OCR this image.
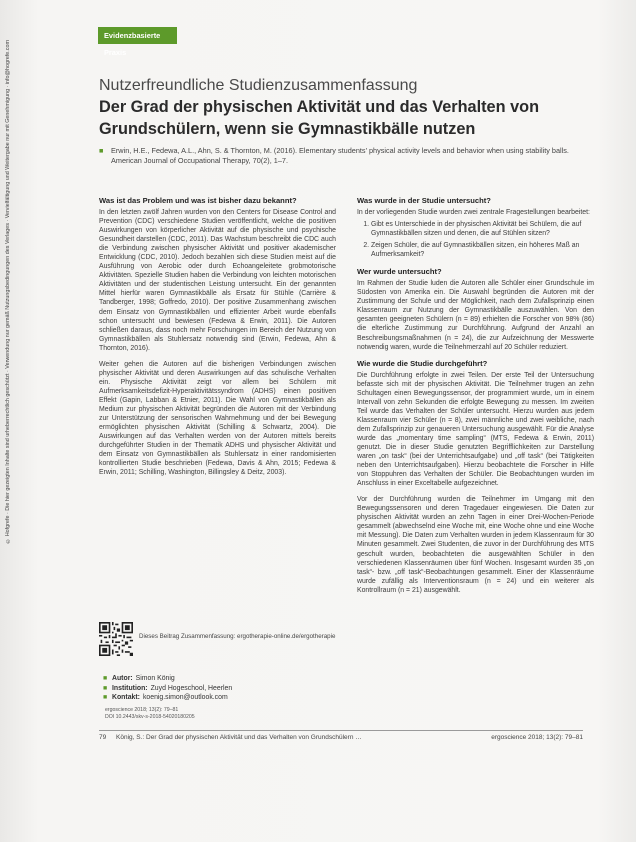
© Hofgrefe · Die hier gezeigten Inhalte sind urheberrechtlich geschützt · Verwendung nur gemäß Nutzungsbedingungen des Verlages · Vervielfältigung und Weitergabe nur mit Genehmigung · info@hogrefe.com
Evidenzbasierte Praxis
Nutzerfreundliche Studienzusammenfassung
Der Grad der physischen Aktivität und das Verhalten von Grundschülern, wenn sie Gymnastikbälle nutzen
■	Erwin, H.E., Fedewa, A.L., Ahn, S. & Thornton, M. (2016). Elementary students' physical activity levels and behavior when using stability balls. American Journal of Occupational Therapy, 70(2), 1–7.
Was ist das Problem und was ist bisher dazu bekannt?

In den letzten zwölf Jahren wurden von den Centers for Disease Control and Prevention (CDC) verschiedene Studien veröffentlicht, welche die positiven Auswirkungen von körperlicher Aktivität auf die physische und psychische Gesundheit darstellen (CDC, 2011). Das Wachstum beschreibt die CDC auch die Verbindung zwischen physischer Aktivität und positiver akademischer Entwicklung (CDC, 2010). Jedoch bezahlen sich diese Studien meist auf die Ausführung von Aerobic oder durch Echoangeleitete grobmotorische Aktivitäten. Spezielle Studien haben die Verbindung von leichten motorischen Aktivitäten und der studentischen Leistung untersucht. Ein der genannten Mittel hierfür waren Gymnastikbälle als Ersatz für Stühle (Carrière & Tandberger, 1998; Goffredo, 2010). Der positive Zusammenhang zwischen dem Einsatz von Gymnastikbällen und effizienter Arbeit wurde ebenfalls schon untersucht und bewiesen (Fedewa & Erwin, 2011). Die Autoren schließen daraus, dass noch mehr Forschungen im Bereich der Nutzung von Gymnastikbällen als Stuhlersatz notwendig sind (Erwin, Fedewa, Ahn & Thornton, 2016).

Weiter gehen die Autoren auf die bisherigen Verbindungen zwischen physischer Aktivität und deren Auswirkungen auf das schulische Verhalten ein. Physische Aktivität zeigt vor allem bei Schülern mit Aufmerksamkeitsdefizit-Hyperaktivitätssyndrom (ADHS) einen positiven Effekt (Gapin, Labban & Etnier, 2011). Die Wahl von Gymnastikbällen als Medium zur physischen Aktivität begründen die Autoren mit der Verbindung zur Unterstützung der sensorischen Wahrnehmung und der bei Bewegung ermöglichten physischen Aktivität (Schilling & Schwartz, 2004). Die Auswirkungen auf das Verhalten werden von der Autoren mittels bereits durchgeführter Studien in der Thematik ADHS und physischer Aktivität und dem Einsatz von Gymnastikbällen als Stuhlersatz in einer randomisierten kontrollierten Studie beschrieben (Fedewa, Davis & Ahn, 2015; Fedewa & Erwin, 2011; Schilling, Washington, Billingsley & Deitz, 2003).

Was wurde in der Studie untersucht?

In der vorliegenden Studie wurden zwei zentrale Fragestellungen bearbeitet:

1. Gibt es Unterschiede in der physischen Aktivität bei Schülern, die auf Gymnastikbällen sitzen und denen, die auf Stühlen sitzen?
2. Zeigen Schüler, die auf Gymnastikbällen sitzen, ein höheres Maß an Aufmerksamkeit?
Wer wurde untersucht?

Im Rahmen der Studie luden die Autoren alle Schüler einer Grundschule im Südosten von Amerika ein. Die Auswahl begründen die Autoren mit der Zustimmung der Schule und der Möglichkeit, nach dem Zufallsprinzip einen Klassenraum zur Nutzung der Gymnastikbälle auszuwählen. Von den gesamten geeigneten Schülern (n = 89) erhielten die Forscher von 98% (86) die elterliche Zustimmung zur Durchführung. Aufgrund der Anzahl an Beschreibungsmaßnahmen (n = 24), die zur Aufzeichnung der Messwerte notwendig waren, wurde die Teilnehmerzahl auf 20 Schüler reduziert.

Wie wurde die Studie durchgeführt?

Die Durchführung erfolgte in zwei Teilen. Der erste Teil der Untersuchung befasste sich mit der physischen Aktivität. Die Teilnehmer trugen an zehn Schultagen einen Bewegungssensor, der programmiert wurde, um in einem Intervall von zehn Sekunden die erfolgte Bewegung zu messen. Im zweiten Teil wurde das Verhalten der Schüler untersucht. Hierzu wurden aus jedem Klassenraum vier Schüler (n = 8), zwei männliche und zwei weibliche, nach dem Zufallsprinzip zur genaueren Untersuchung ausgewählt. Für die Analyse wurde das „momentary time sampling“ (MTS, Fedewa & Erwin, 2011) genutzt. Die in dieser Studie genutzten Begrifflichkeiten zur Darstellung waren „on task“ (bei der Unterrichtsaufgabe) und „off task“ (bei Tätigkeiten neben den Unterrichtsaufgaben). Hierzu beobachtete die Forscher in Hilfe von Stoppuhren das Verhalten der Schüler. Die Beobachtungen wurden im Anschluss in einer Exceltabelle aufgezeichnet.

Vor der Durchführung wurden die Teilnehmer im Umgang mit den Bewegungssensoren und deren Tragedauer eingewiesen. Die Daten zur physischen Aktivität wurden an zehn Tagen in einer Drei-Wochen-Periode gesammelt (abwechselnd eine Woche mit, eine Woche ohne und eine Woche mit Messung). Die Daten zum Verhalten wurden in jedem Klassenraum für 30 Minuten gesammelt. Zwei Studenten, die zuvor in der Durchführung des MTS geschult wurden, beobachteten die ausgewählten Schüler in den verschiedenen Klassenräumen über fünf Wochen. Insgesamt wurden 35 „on task“- bzw. „off task“-Beobachtungen gesammelt. Einer der Klassenräume wurde zufällig als Interventionsraum (n = 24) und ein weiterer als Kontrollraum (n = 21) ausgewählt.

Dieses Beitrag Zusammenfassung: ergotherapie-online.de/ergotherapie
■ Autor: Simon König
■ Institution: Zuyd Hogeschool, Heerlen
■ Kontakt: koenig.simon@outlook.com
ergoscience 2018; 13(2): 79–81
DOI 10.2443/skv-s-2018-54020180205
79 König, S.: Der Grad der physischen Aktivität und das Verhalten von Grundschülern …	ergoscience 2018; 13(2): 79–81
